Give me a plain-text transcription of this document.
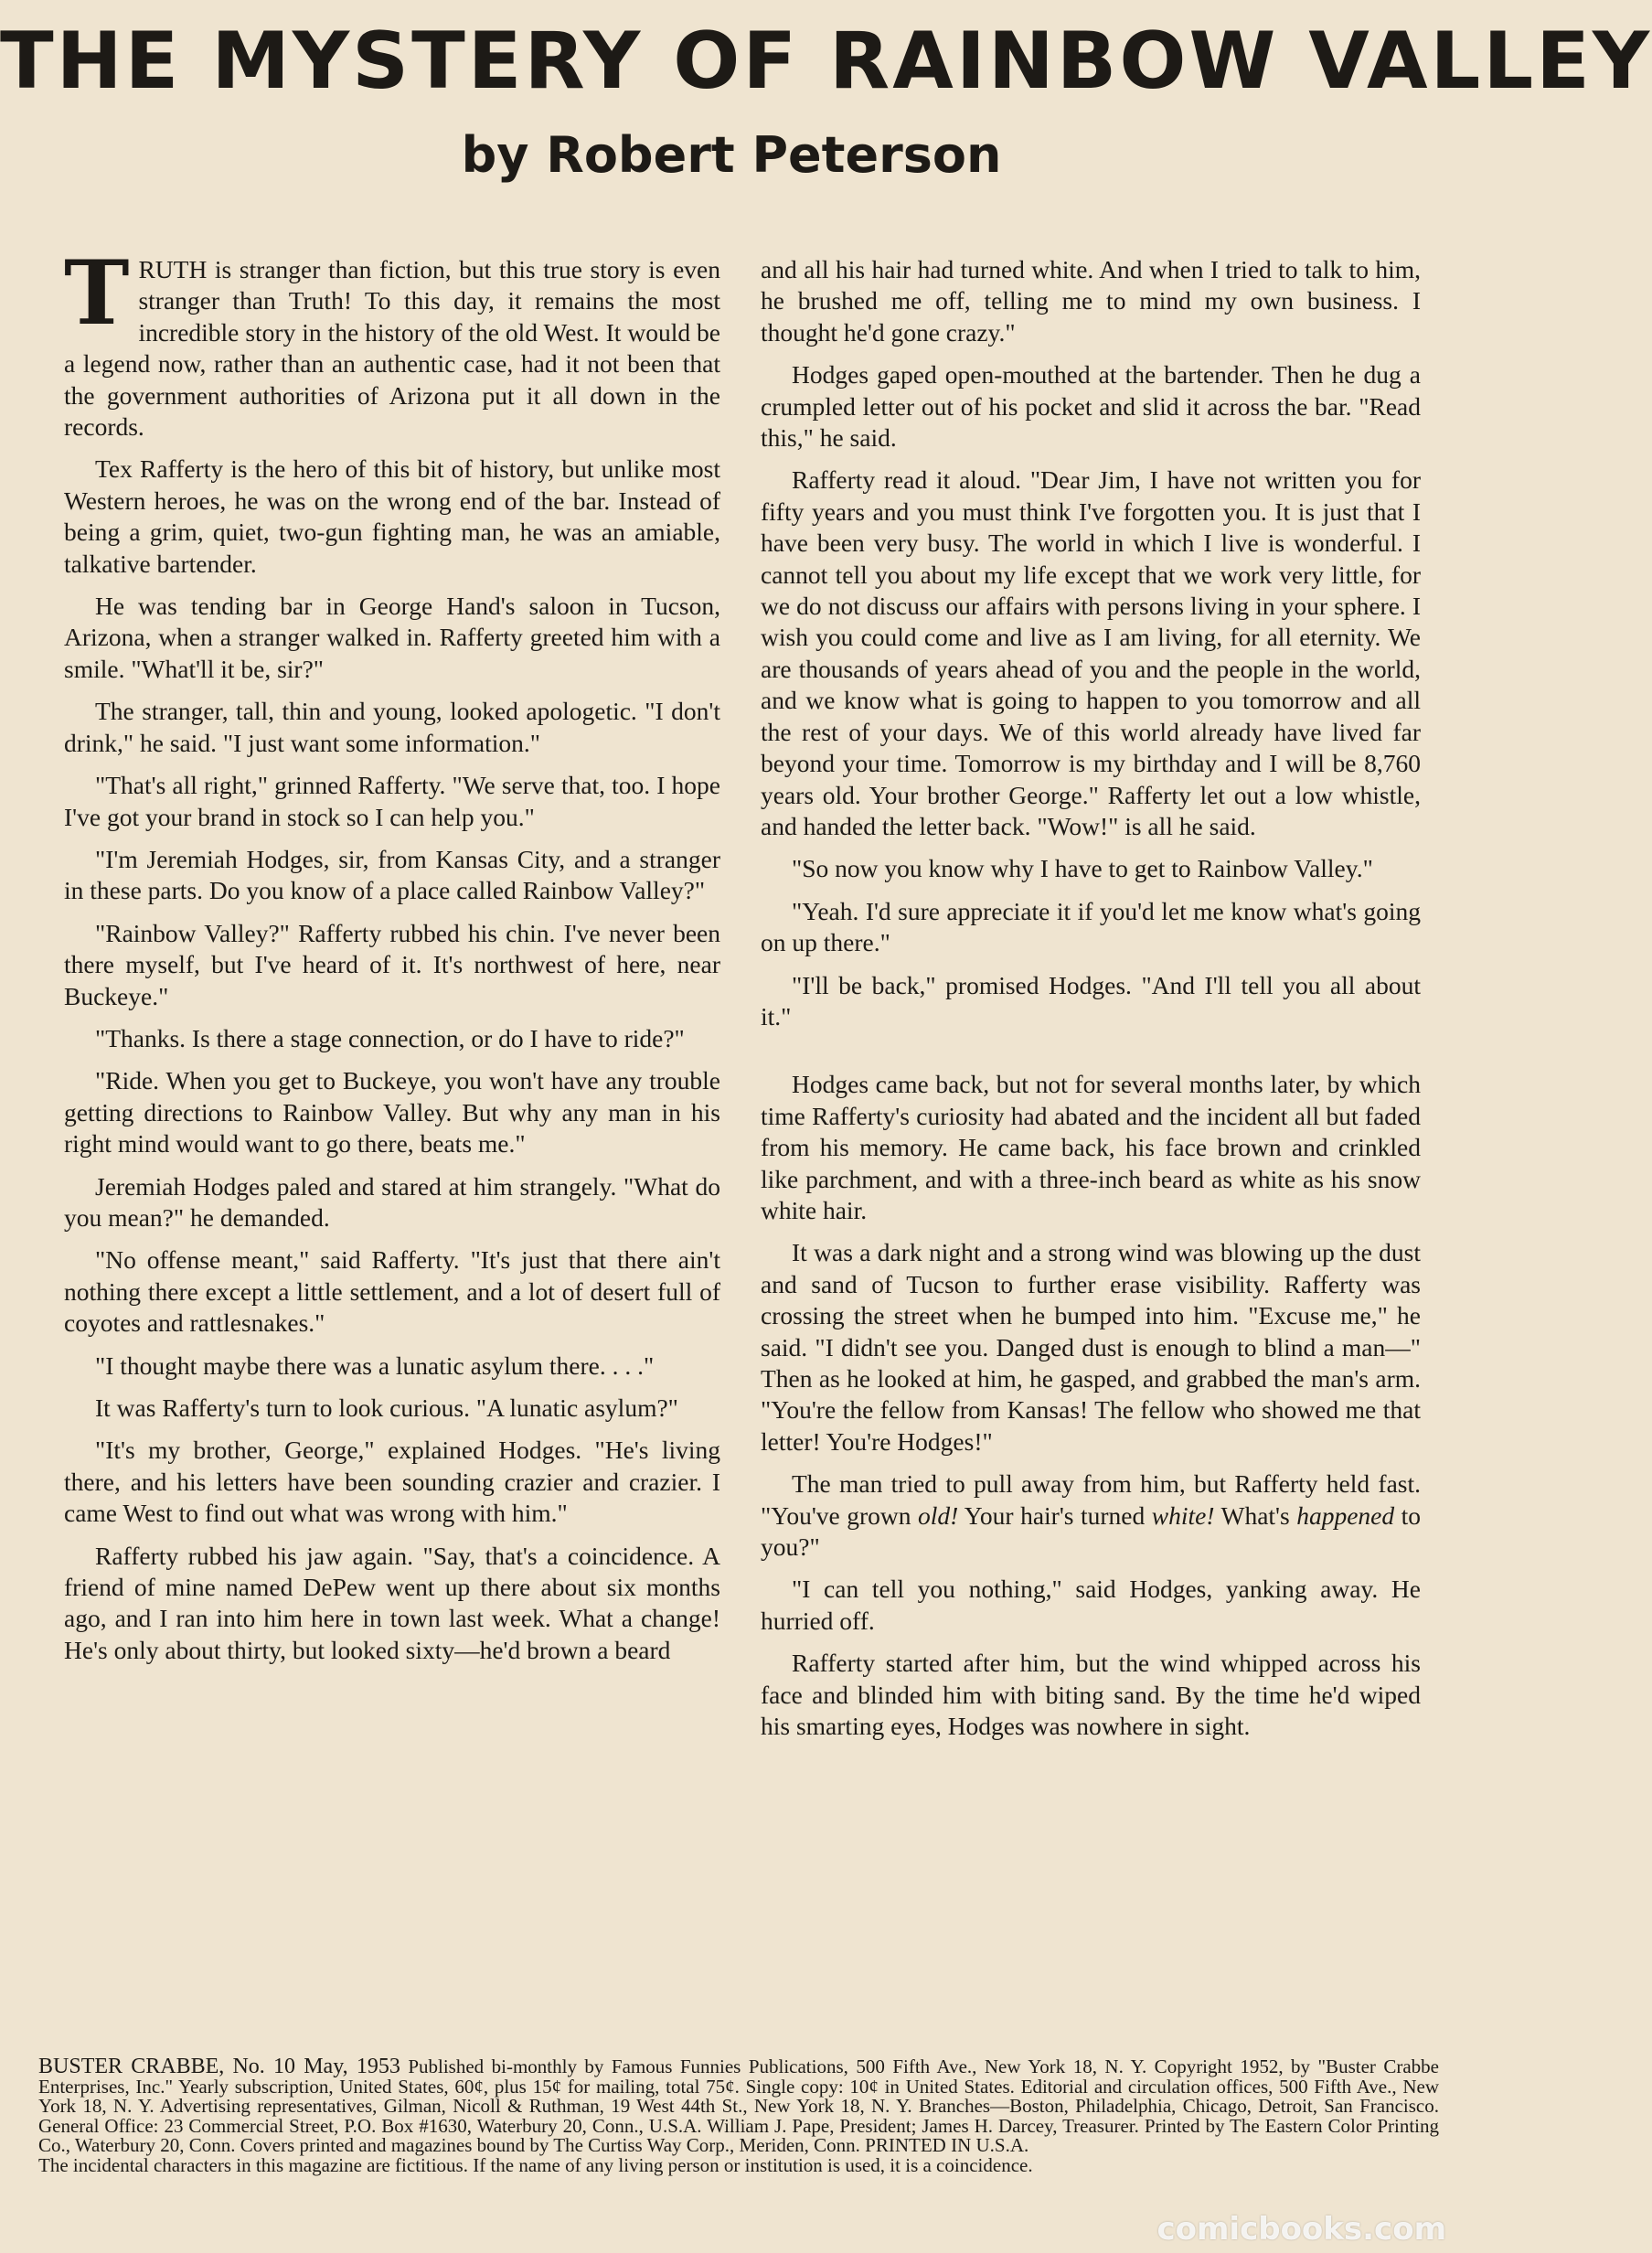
THE MYSTERY OF RAINBOW VALLEY
by Robert Peterson

TRUTH is stranger than fiction, but this true story is even stranger than Truth! To this day, it remains the most incredible story in the history of the old West. It would be a legend now, rather than an authentic case, had it not been that the government authorities of Arizona put it all down in the records.

Tex Rafferty is the hero of this bit of history, but unlike most Western heroes, he was on the wrong end of the bar. Instead of being a grim, quiet, two-gun fighting man, he was an amiable, talkative bartender.

He was tending bar in George Hand's saloon in Tucson, Arizona, when a stranger walked in. Rafferty greeted him with a smile. "What'll it be, sir?"

The stranger, tall, thin and young, looked apologetic. "I don't drink," he said. "I just want some information."

"That's all right," grinned Rafferty. "We serve that, too. I hope I've got your brand in stock so I can help you."

"I'm Jeremiah Hodges, sir, from Kansas City, and a stranger in these parts. Do you know of a place called Rainbow Valley?"

"Rainbow Valley?" Rafferty rubbed his chin. I've never been there myself, but I've heard of it. It's northwest of here, near Buckeye."

"Thanks. Is there a stage connection, or do I have to ride?"

"Ride. When you get to Buckeye, you won't have any trouble getting directions to Rainbow Valley. But why any man in his right mind would want to go there, beats me."

Jeremiah Hodges paled and stared at him strangely. "What do you mean?" he demanded.

"No offense meant," said Rafferty. "It's just that there ain't nothing there except a little settlement, and a lot of desert full of coyotes and rattlesnakes."

"I thought maybe there was a lunatic asylum there. . . ."

It was Rafferty's turn to look curious. "A lunatic asylum?"

"It's my brother, George," explained Hodges. "He's living there, and his letters have been sounding crazier and crazier. I came West to find out what was wrong with him."

Rafferty rubbed his jaw again. "Say, that's a coincidence. A friend of mine named DePew went up there about six months ago, and I ran into him here in town last week. What a change! He's only about thirty, but looked sixty—he'd brown a beard

and all his hair had turned white. And when I tried to talk to him, he brushed me off, telling me to mind my own business. I thought he'd gone crazy."

Hodges gaped open-mouthed at the bartender. Then he dug a crumpled letter out of his pocket and slid it across the bar. "Read this," he said.

Rafferty read it aloud. "Dear Jim, I have not written you for fifty years and you must think I've forgotten you. It is just that I have been very busy. The world in which I live is wonderful. I cannot tell you about my life except that we work very little, for we do not discuss our affairs with persons living in your sphere. I wish you could come and live as I am living, for all eternity. We are thousands of years ahead of you and the people in the world, and we know what is going to happen to you tomorrow and all the rest of your days. We of this world already have lived far beyond your time. Tomorrow is my birthday and I will be 8,760 years old. Your brother George." Rafferty let out a low whistle, and handed the letter back. "Wow!" is all he said.

"So now you know why I have to get to Rainbow Valley."

"Yeah. I'd sure appreciate it if you'd let me know what's going on up there."

"I'll be back," promised Hodges. "And I'll tell you all about it."

Hodges came back, but not for several months later, by which time Rafferty's curiosity had abated and the incident all but faded from his memory. He came back, his face brown and crinkled like parchment, and with a three-inch beard as white as his snow white hair.

It was a dark night and a strong wind was blowing up the dust and sand of Tucson to further erase visibility. Rafferty was crossing the street when he bumped into him. "Excuse me," he said. "I didn't see you. Danged dust is enough to blind a man—" Then as he looked at him, he gasped, and grabbed the man's arm. "You're the fellow from Kansas! The fellow who showed me that letter! You're Hodges!"

The man tried to pull away from him, but Rafferty held fast. "You've grown old! Your hair's turned white! What's happened to you?"

"I can tell you nothing," said Hodges, yanking away. He hurried off.

Rafferty started after him, but the wind whipped across his face and blinded him with biting sand. By the time he'd wiped his smarting eyes, Hodges was nowhere in sight.

BUSTER CRABBE, No. 10 May, 1953 Published bi-monthly by Famous Funnies Publications, 500 Fifth Ave., New York 18, N. Y. Copyright 1952, by "Buster Crabbe Enterprises, Inc." Yearly subscription, United States, 60¢, plus 15¢ for mailing, total 75¢. Single copy: 10¢ in United States. Editorial and circulation offices, 500 Fifth Ave., New York 18, N. Y. Advertising representatives, Gilman, Nicoll & Ruthman, 19 West 44th St., New York 18, N. Y. Branches—Boston, Philadelphia, Chicago, Detroit, San Francisco. General Office: 23 Commercial Street, P.O. Box #1630, Waterbury 20, Conn., U.S.A. William J. Pape, President; James H. Darcey, Treasurer. Printed by The Eastern Color Printing Co., Waterbury 20, Conn. Covers printed and magazines bound by The Curtiss Way Corp., Meriden, Conn. PRINTED IN U.S.A.
The incidental characters in this magazine are fictitious. If the name of any living person or institution is used, it is a coincidence.
comicbooks.com
